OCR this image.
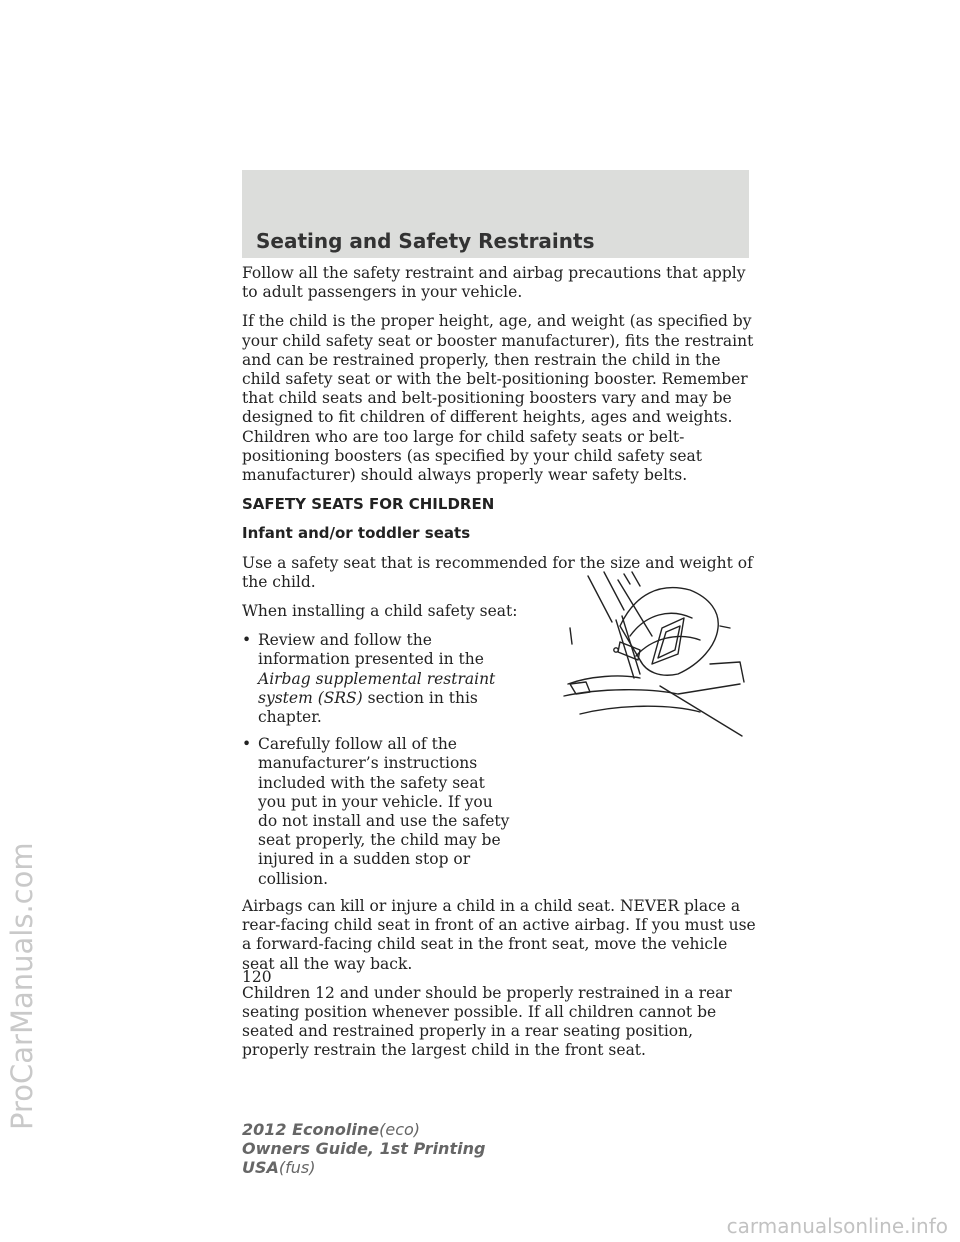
Seating and Safety Restraints

Follow all the safety restraint and airbag precautions that apply to adult passengers in your vehicle.

If the child is the proper height, age, and weight (as specified by your child safety seat or booster manufacturer), fits the restraint and can be restrained properly, then restrain the child in the child safety seat or with the belt-positioning booster. Remember that child seats and belt-positioning boosters vary and may be designed to fit children of different heights, ages and weights. Children who are too large for child safety seats or belt-positioning boosters (as specified by your child safety seat manufacturer) should always properly wear safety belts.

SAFETY SEATS FOR CHILDREN

Infant and/or toddler seats

Use a safety seat that is recommended for the size and weight of the child.

When installing a child safety seat:

• Review and follow the information presented in the Airbag supplemental restraint system (SRS) section in this chapter.
• Carefully follow all of the manufacturer’s instructions included with the safety seat you put in your vehicle. If you do not install and use the safety seat properly, the child may be injured in a sudden stop or collision.

Airbags can kill or injure a child in a child seat. NEVER place a rear-facing child seat in front of an active airbag. If you must use a forward-facing child seat in the front seat, move the vehicle seat all the way back.

Children 12 and under should be properly restrained in a rear seating position whenever possible. If all children cannot be seated and restrained properly in a rear seating position, properly restrain the largest child in the front seat.

120
2012 Econoline(eco)
Owners Guide, 1st Printing
USA(fus)
ProCarManuals.com
carmanualsonline.info
